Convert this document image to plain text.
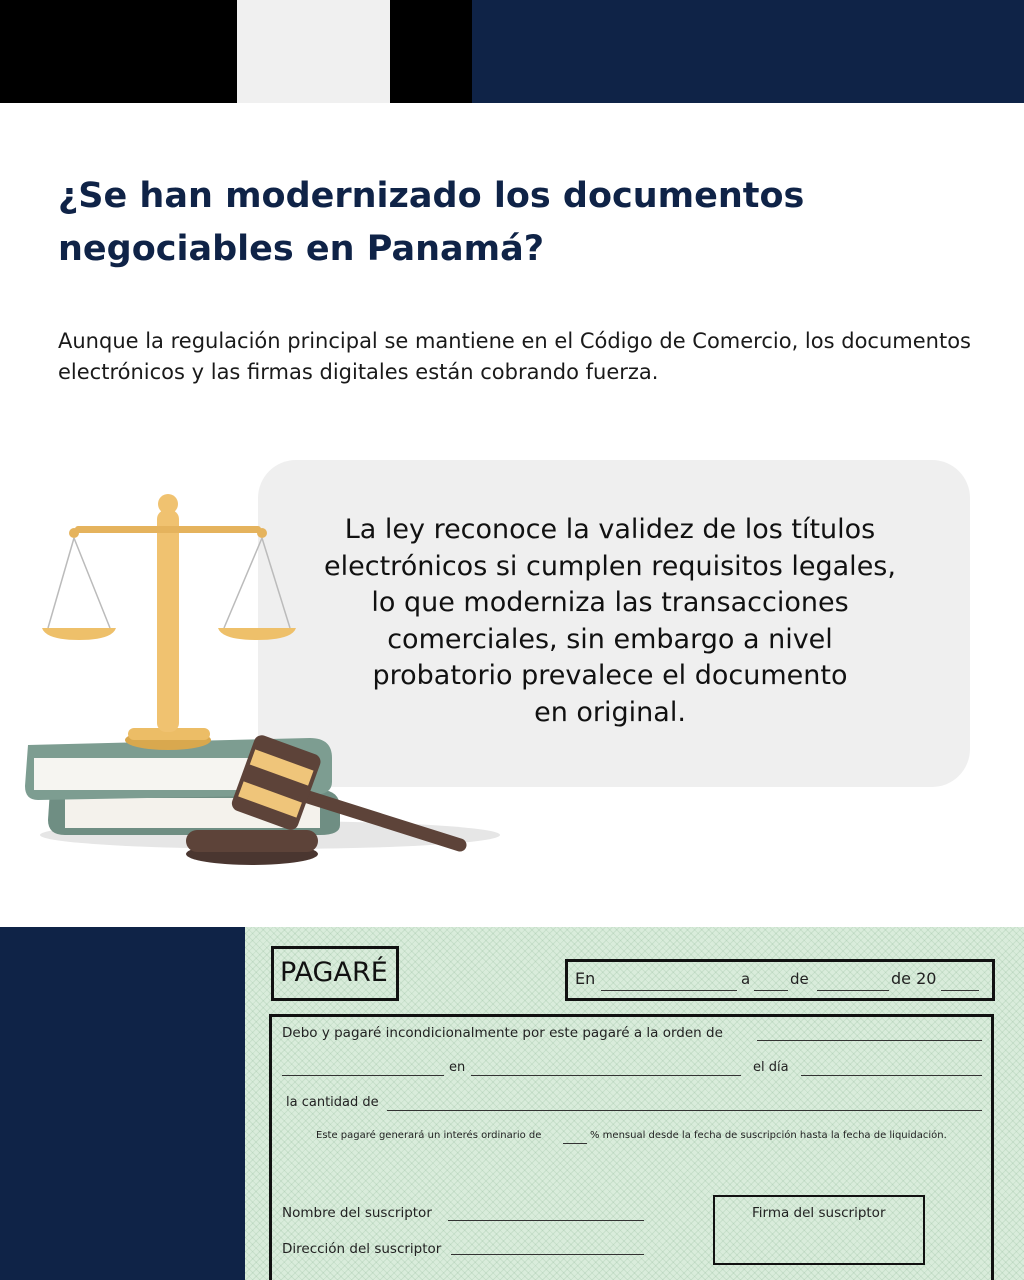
¿Se han modernizado los documentos negociables en Panamá?

Aunque la regulación principal se mantiene en el Código de Comercio, los documentos electrónicos y las firmas digitales están cobrando fuerza.

La ley reconoce la validez de los títulos
electrónicos si cumplen requisitos legales,
lo que moderniza las transacciones
comerciales, sin embargo a nivel
probatorio prevalece el documento
en original.

PAGARÉ	En	a	de	de 20
Debo y pagaré incondicionalmente por este pagaré a la orden de
en	el día
la cantidad de
Este pagaré generará un interés ordinario de	% mensual desde la fecha de suscripción hasta la fecha de liquidación.
Nombre del suscriptor
Dirección del suscriptor
Firma del suscriptor
